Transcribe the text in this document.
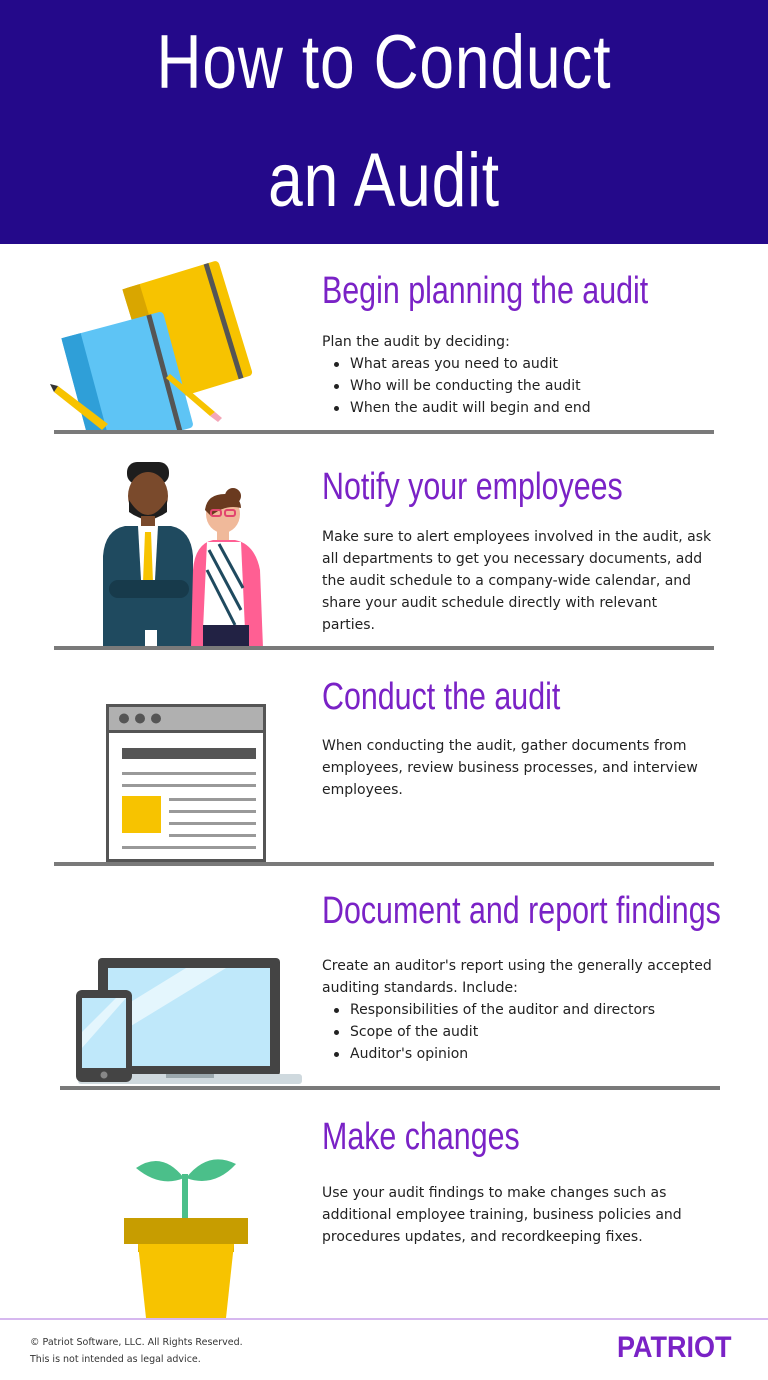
How to Conduct an Audit
Begin planning the audit
Plan the audit by deciding:
What areas you need to audit
Who will be conducting the audit
When the audit will begin and end
Notify your employees
Make sure to alert employees involved in the audit, ask all departments to get you necessary documents, add the audit schedule to a company-wide calendar, and share your audit schedule directly with relevant parties.
Conduct the audit
When conducting the audit, gather documents from employees, review business processes, and interview employees.
Document and report findings
Create an auditor's report using the generally accepted auditing standards. Include:
Responsibilities of the auditor and directors
Scope of the audit
Auditor's opinion
Make changes
Use your audit findings to make changes such as additional employee training, business policies and procedures updates, and recordkeeping fixes.
© Patriot Software, LLC. All Rights Reserved.
This is not intended as legal advice.	PATRIOT
